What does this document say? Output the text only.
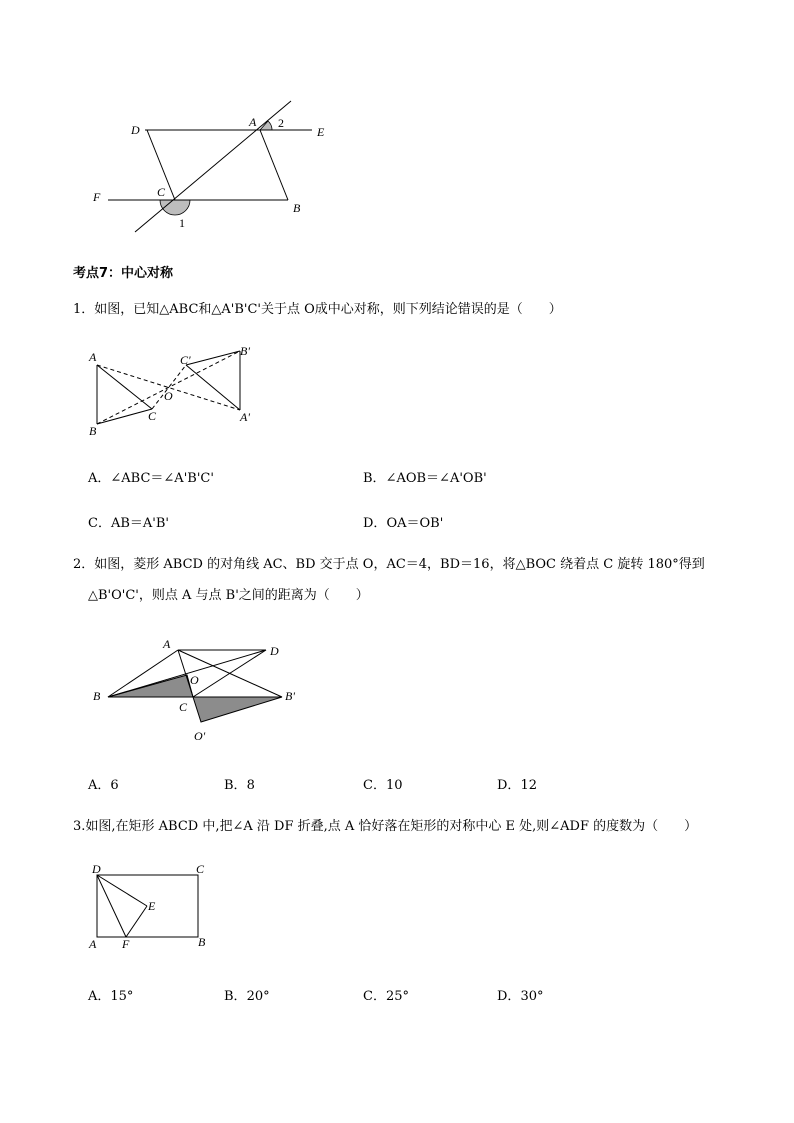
D
A 2
E
F	C
B
1
考点7：中心对称
1．如图，已知△ABC和△A'B'C'关于点 O成中心对称，则下列结论错误的是（　　）
A	C'
B'
O
B
C	A'
A．∠ABC＝∠A'B'C'	B．∠AOB＝∠A'OB'
C．AB＝A'B'	D．OA＝OB'
2．如图，菱形 ABCD 的对角线 AC、BD 交于点 O，AC＝4，BD＝16，将△BOC 绕着点 C 旋转 180°得到
△B'O'C'，则点 A 与点 B'之间的距离为（　　）
A	D
O
B	B'
C
O'
A．6	B．8	C．10	D．12
3.如图,在矩形 ABCD 中,把∠A 沿 DF 折叠,点 A 恰好落在矩形的对称中心 E 处,则∠ADF 的度数为（　　）
D	C
E
A F	B
A．15°	B．20°	C．25°	D．30°
